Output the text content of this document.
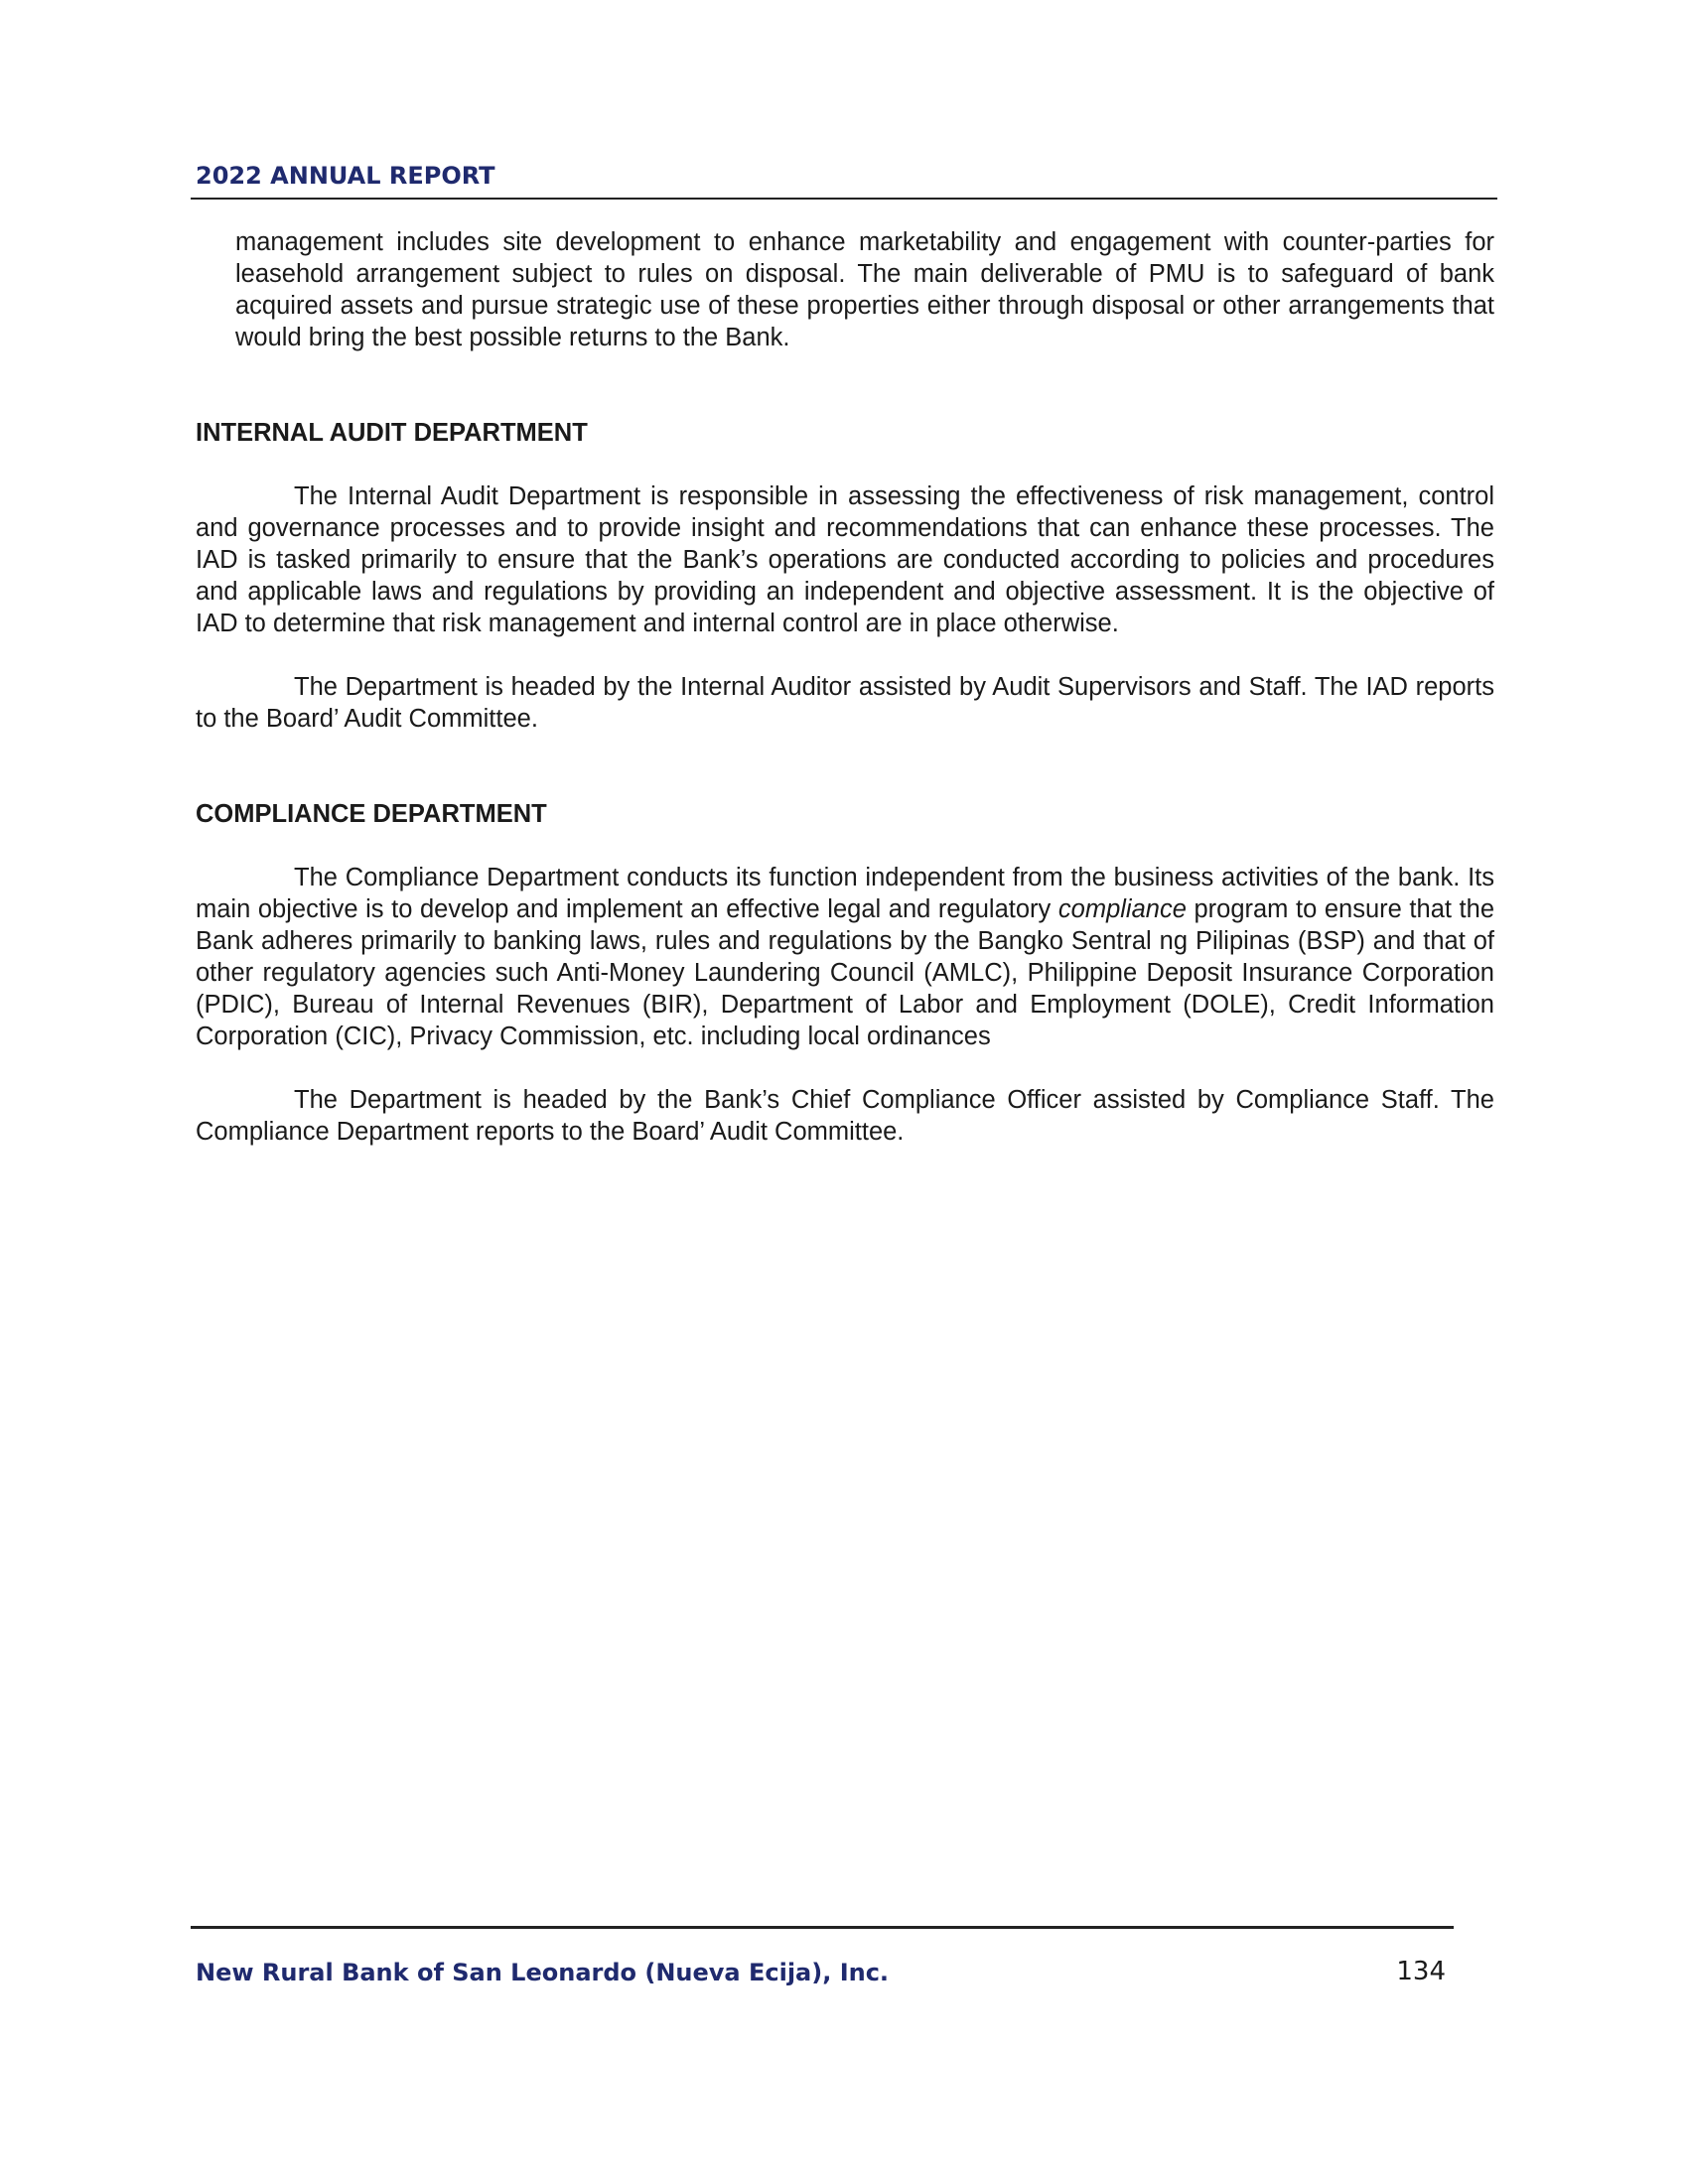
2022 ANNUAL REPORT

management includes site development to enhance marketability and engagement with counter-parties for leasehold arrangement subject to rules on disposal. The main deliverable of PMU is to safeguard of bank acquired assets and pursue strategic use of these properties either through disposal or other arrangements that would bring the best possible returns to the Bank.

INTERNAL AUDIT DEPARTMENT

The Internal Audit Department is responsible in assessing the effectiveness of risk management, control and governance processes and to provide insight and recommendations that can enhance these processes. The IAD is tasked primarily to ensure that the Bank’s operations are conducted according to policies and procedures and applicable laws and regulations by providing an independent and objective assessment. It is the objective of IAD to determine that risk management and internal control are in place otherwise.

The Department is headed by the Internal Auditor assisted by Audit Supervisors and Staff. The IAD reports to the Board’ Audit Committee.

COMPLIANCE DEPARTMENT

The Compliance Department conducts its function independent from the business activities of the bank. Its main objective is to develop and implement an effective legal and regulatory compliance program to ensure that the Bank adheres primarily to banking laws, rules and regulations by the Bangko Sentral ng Pilipinas (BSP) and that of other regulatory agencies such Anti-Money Laundering Council (AMLC), Philippine Deposit Insurance Corporation (PDIC), Bureau of Internal Revenues (BIR), Department of Labor and Employment (DOLE), Credit Information Corporation (CIC), Privacy Commission, etc. including local ordinances

The Department is headed by the Bank’s Chief Compliance Officer assisted by Compliance Staff. The Compliance Department reports to the Board’ Audit Committee.

New Rural Bank of San Leonardo (Nueva Ecija), Inc.	134
